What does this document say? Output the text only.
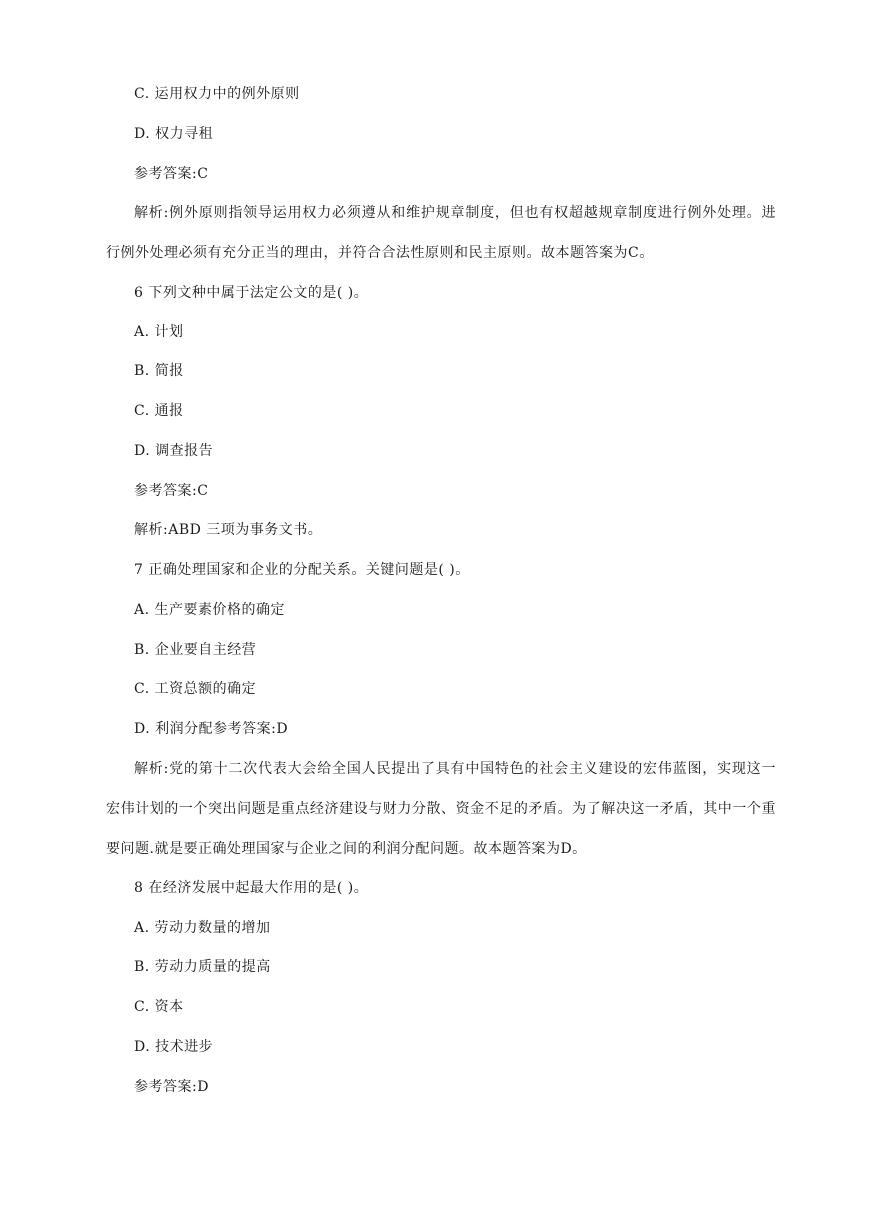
C. 运用权力中的例外原则
D. 权力寻租
参考答案:C
解析:例外原则指领导运用权力必须遵从和维护规章制度，但也有权超越规章制度进行例外处理。进行例外处理必须有充分正当的理由，并符合合法性原则和民主原则。故本题答案为C。
6 下列文种中属于法定公文的是( )。
A. 计划
B. 简报
C. 通报
D. 调查报告
参考答案:C
解析:ABD 三项为事务文书。
7 正确处理国家和企业的分配关系。关键问题是( )。
A. 生产要素价格的确定
B. 企业要自主经营
C. 工资总额的确定
D. 利润分配参考答案:D
解析:党的第十二次代表大会给全国人民提出了具有中国特色的社会主义建设的宏伟蓝图，实现这一宏伟计划的一个突出问题是重点经济建设与财力分散、资金不足的矛盾。为了解决这一矛盾，其中一个重要问题.就是要正确处理国家与企业之间的利润分配问题。故本题答案为D。
8 在经济发展中起最大作用的是( )。
A. 劳动力数量的增加
B. 劳动力质量的提高
C. 资本
D. 技术进步
参考答案:D
